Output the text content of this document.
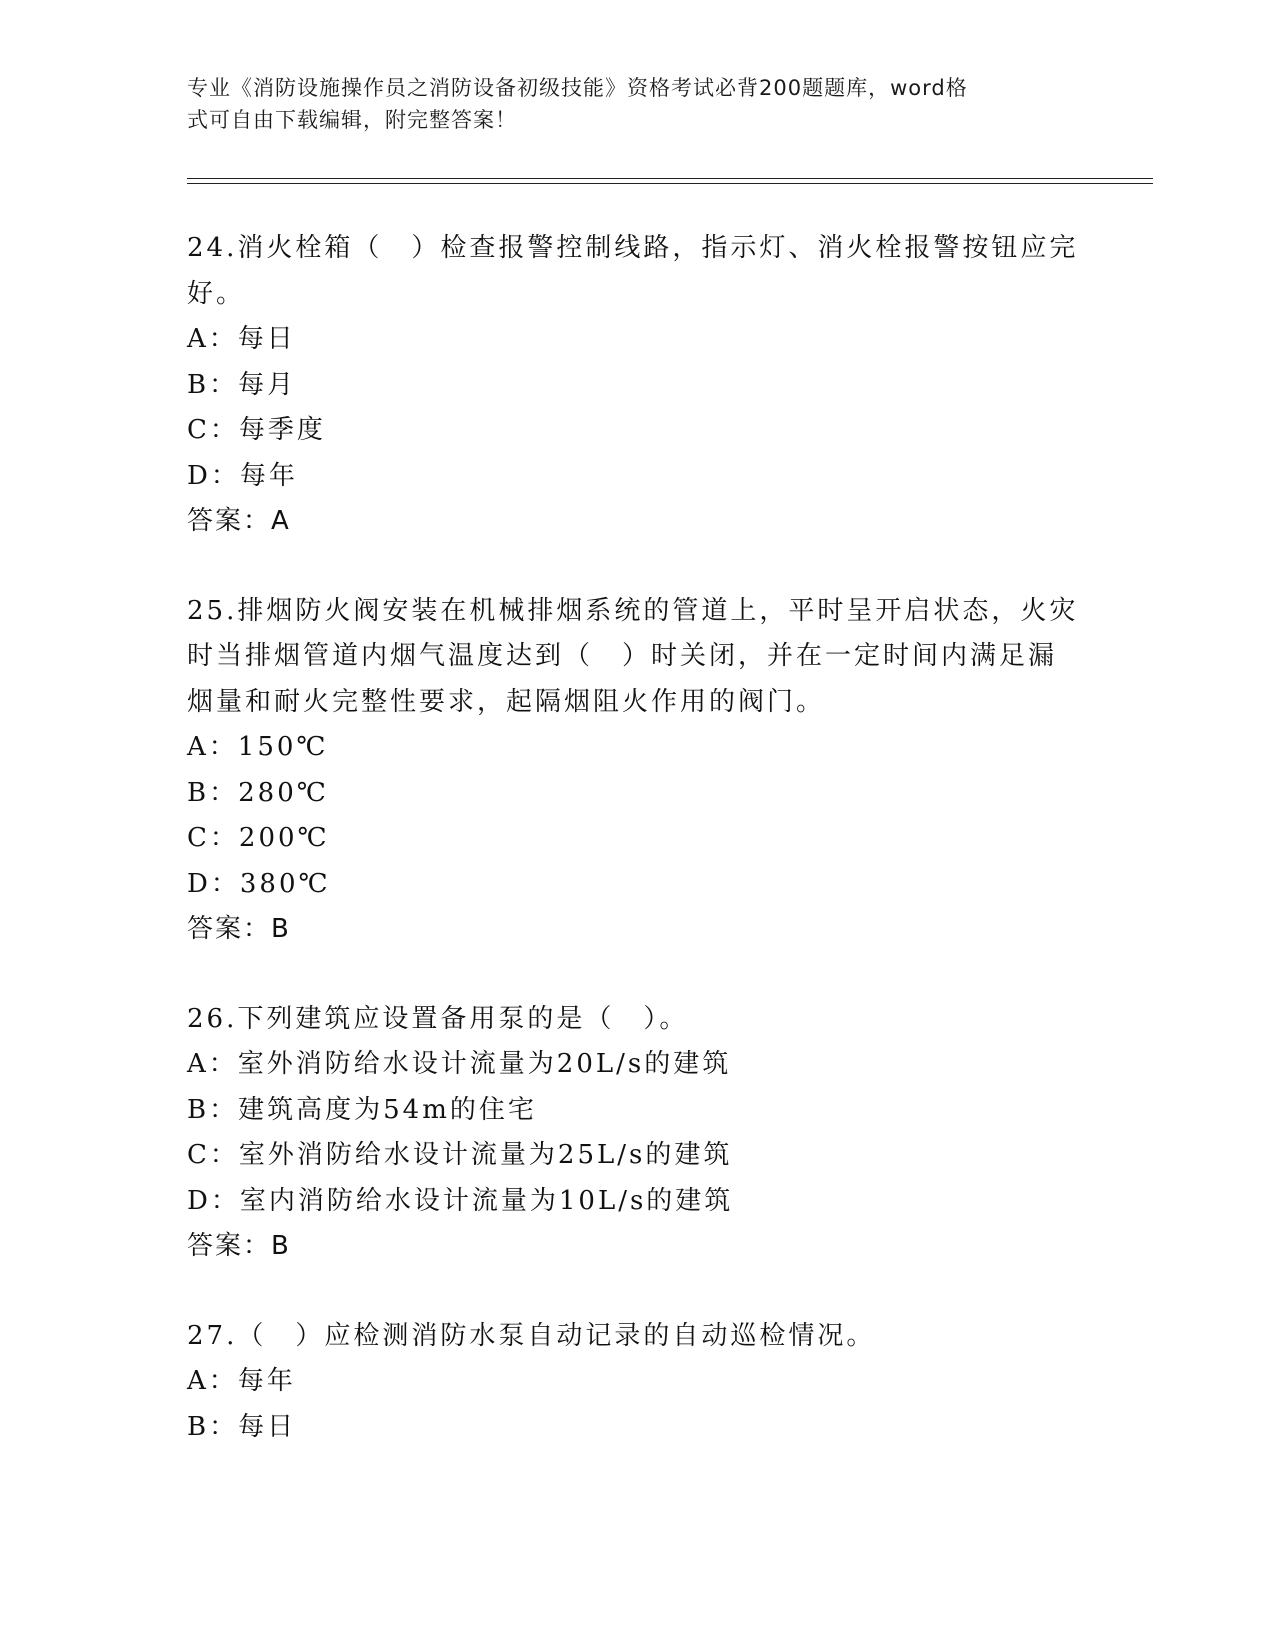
专业《消防设施操作员之消防设备初级技能》资格考试必背200题题库，word格
式可自由下载编辑，附完整答案！
24.消火栓箱（　）检查报警控制线路，指示灯、消火栓报警按钮应完
好。
A：每日
B：每月
C：每季度
D：每年
答案：A
25.排烟防火阀安装在机械排烟系统的管道上，平时呈开启状态，火灾
时当排烟管道内烟气温度达到（　）时关闭，并在一定时间内满足漏
烟量和耐火完整性要求，起隔烟阻火作用的阀门。
A：150℃
B：280℃
C：200℃
D：380℃
答案：B
26.下列建筑应设置备用泵的是（　）。
A：室外消防给水设计流量为20L/s的建筑
B：建筑高度为54m的住宅
C：室外消防给水设计流量为25L/s的建筑
D：室内消防给水设计流量为10L/s的建筑
答案：B
27.（　）应检测消防水泵自动记录的自动巡检情况。
A：每年
B：每日
